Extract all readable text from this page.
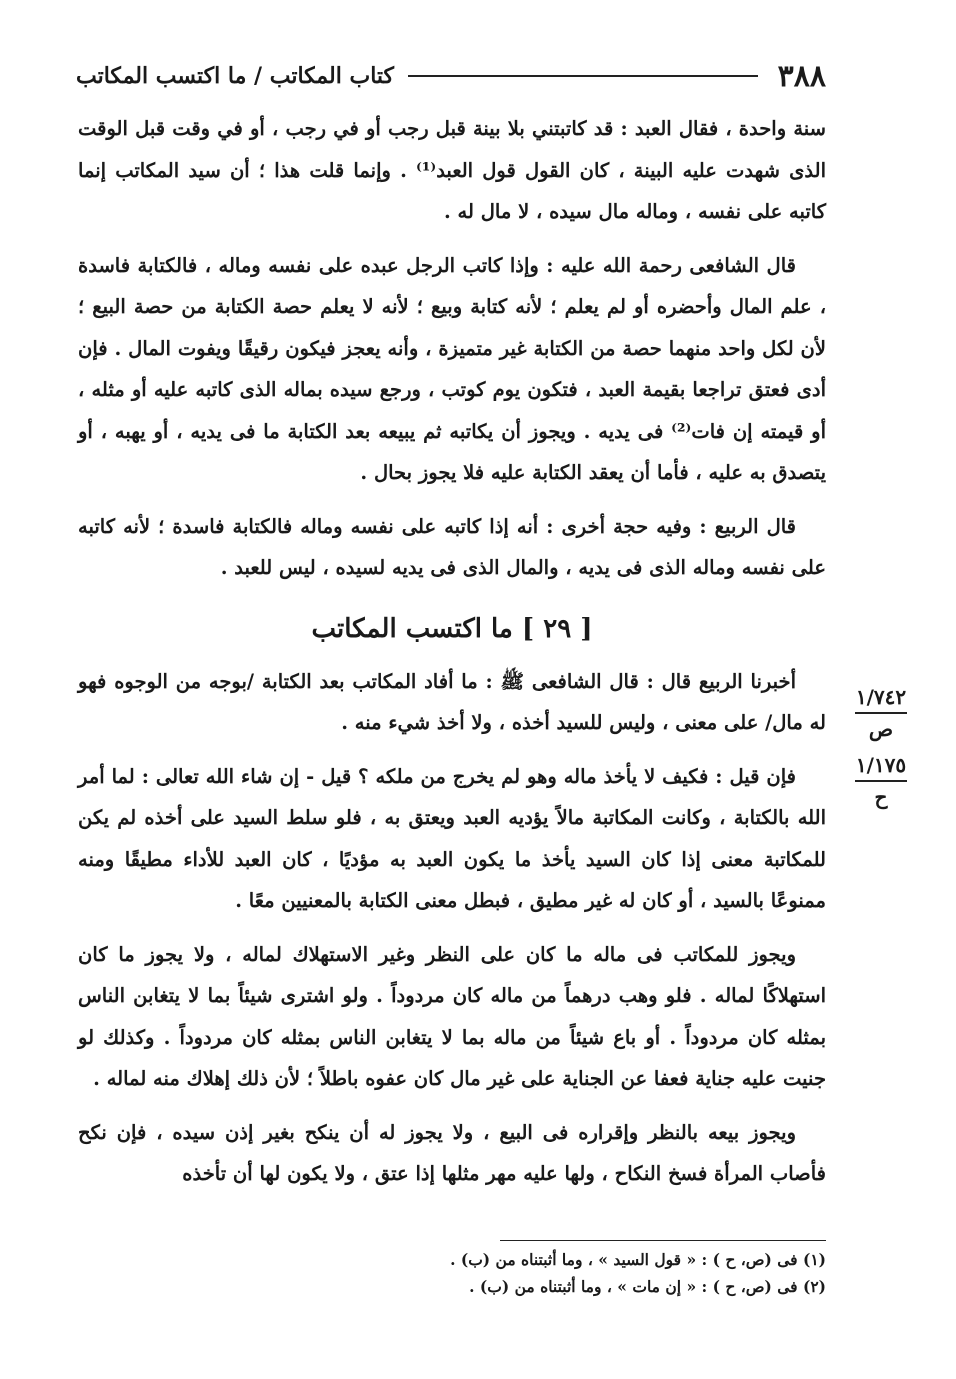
٣٨٨
كتاب المكاتب / ما اكتسب المكاتب

سنة واحدة ، فقال العبد : قد كاتبتني بلا بينة قبل رجب أو في رجب ، أو في وقت قبل الوقت الذى شهدت عليه البينة ، كان القول قول العبد⁽¹⁾ . وإنما قلت هذا ؛ أن سيد المكاتب إنما كاتبه على نفسه ، وماله مال سيده ، لا مال له .

قال الشافعى رحمة الله عليه : وإذا كاتب الرجل عبده على نفسه وماله ، فالكتابة فاسدة ، علم المال وأحضره أو لم يعلم ؛ لأنه كتابة وبيع ؛ لأنه لا يعلم حصة الكتابة من حصة البيع ؛ لأن لكل واحد منهما حصة من الكتابة غير متميزة ، وأنه يعجز فيكون رقيقًا ويفوت المال . فإن أدى فعتق تراجعا بقيمة العبد ، فتكون يوم كوتب ، ورجع سيده بماله الذى كاتبه عليه أو مثله ، أو قيمته إن فات⁽²⁾ فى يديه . ويجوز أن يكاتبه ثم يبيعه بعد الكتابة ما فى يديه ، أو يهبه ، أو يتصدق به عليه ، فأما أن يعقد الكتابة عليه فلا يجوز بحال .

قال الربيع : وفيه حجة أخرى : أنه إذا كاتبه على نفسه وماله فالكتابة فاسدة ؛ لأنه كاتبه على نفسه وماله الذى فى يديه ، والمال الذى فى يديه لسيده ، ليس للعبد .

[ ٢٩ ] ما اكتسب المكاتب

أخبرنا الربيع قال : قال الشافعى ﷺ : ما أفاد المكاتب بعد الكتابة /بوجه من الوجوه فهو له مال/ على معنى ، وليس للسيد أخذه ، ولا أخذ شيء منه .

فإن قيل : فكيف لا يأخذ ماله وهو لم يخرج من ملكه ؟ قيل - إن شاء الله تعالى : لما أمر الله بالكتابة ، وكانت المكاتبة مالاً يؤديه العبد ويعتق به ، فلو سلط السيد على أخذه لم يكن للمكاتبة معنى إذا كان السيد يأخذ ما يكون العبد به مؤديًا ، كان العبد للأداء مطيقًا ومنه ممنوعًا بالسيد ، أو كان له غير مطيق ، فبطل معنى الكتابة بالمعنيين معًا .

ويجوز للمكاتب فى ماله ما كان على النظر وغير الاستهلاك لماله ، ولا يجوز ما كان استهلاكًا لماله . فلو وهب درهماً من ماله كان مردوداً . ولو اشترى شيئاً بما لا يتغابن الناس بمثله كان مردوداً . أو باع شيئاً من ماله بما لا يتغابن الناس بمثله كان مردوداً . وكذلك لو جنيت عليه جناية فعفا عن الجناية على غير مال كان عفوه باطلاً ؛ لأن ذلك إهلاك منه لماله .

ويجوز بيعه بالنظر وإقراره فى البيع ، ولا يجوز له أن ينكح بغير إذن سيده ، فإن نكح فأصاب المرأة فسخ النكاح ، ولها عليه مهر مثلها إذا عتق ، ولا يكون لها أن تأخذه

(١) فى (ص، ح ) : « قول السيد » ، وما أثبتناه من (ب) .
(٢) فى (ص، ح ) : « إن مات » ، وما أثبتناه من (ب) .
١/٧٤٢
ص
١/١٧٥
ح
